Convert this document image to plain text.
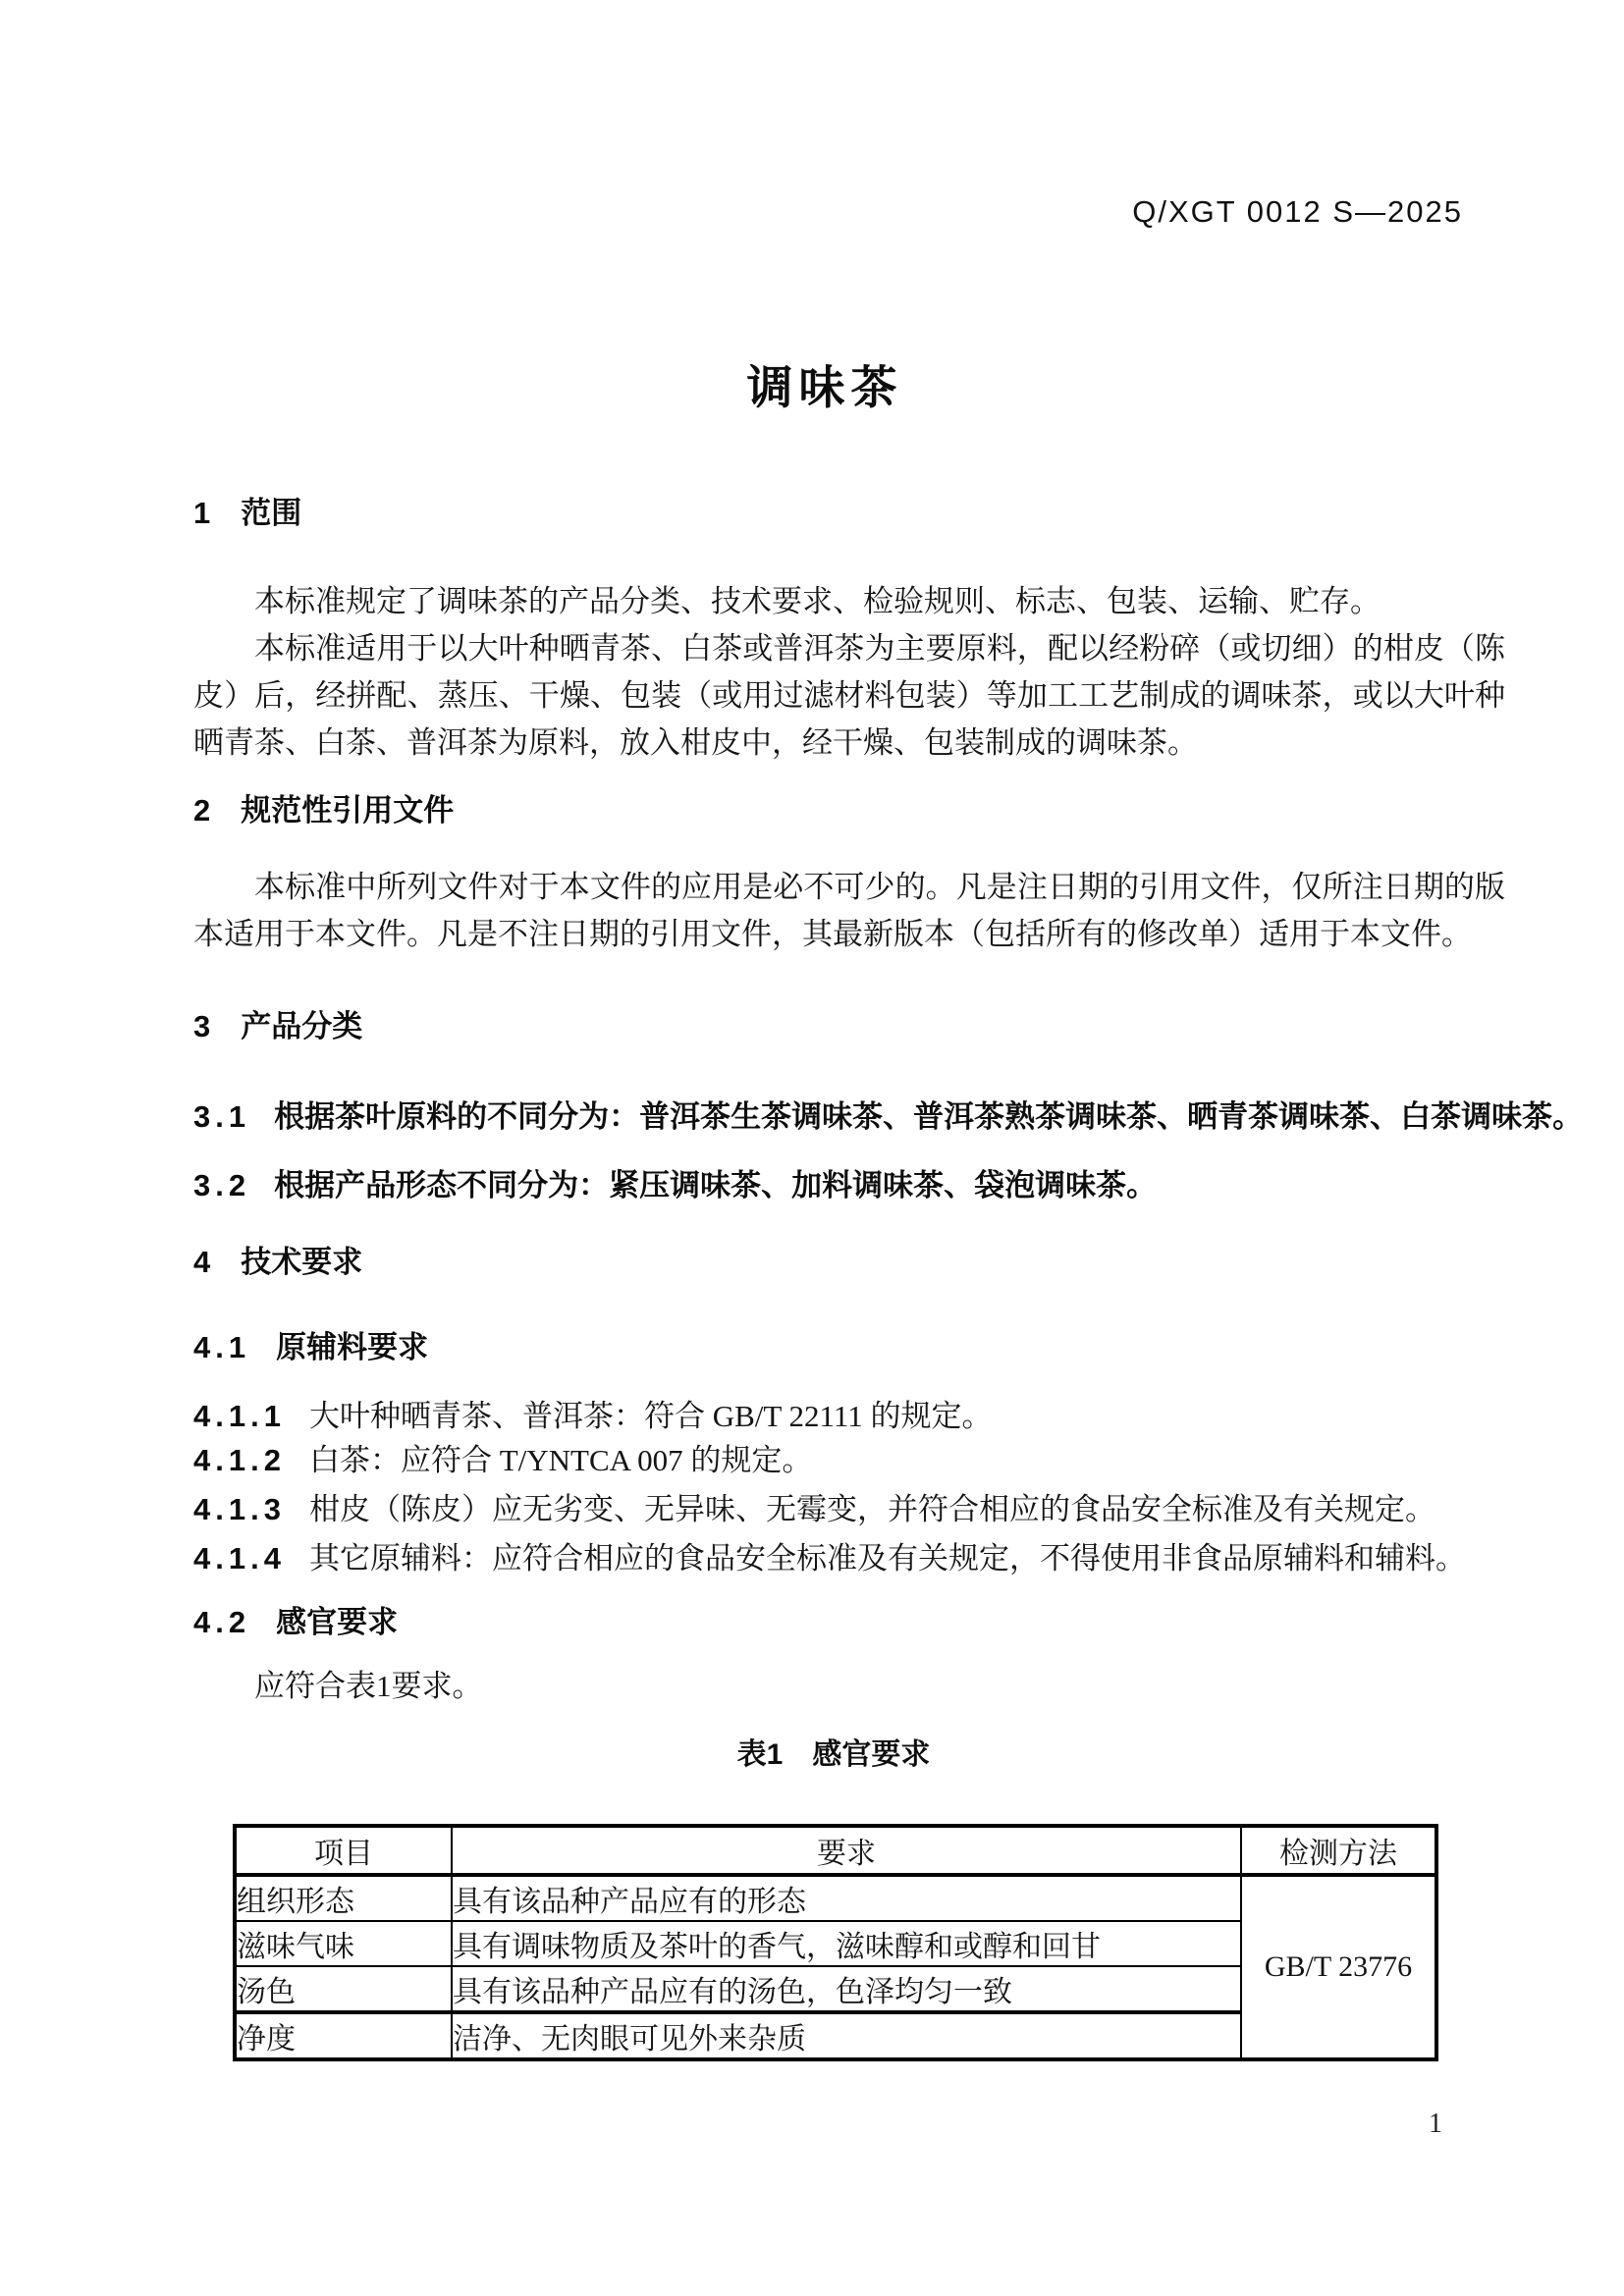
Q/XGT 0012 S—2025
调味茶
1 范围

本标准规定了调味茶的产品分类、技术要求、检验规则、标志、包装、运输、贮存。

本标准适用于以大叶种晒青茶、白茶或普洱茶为主要原料，配以经粉碎（或切细）的柑皮（陈皮）后，经拼配、蒸压、干燥、包装（或用过滤材料包装）等加工工艺制成的调味茶，或以大叶种晒青茶、白茶、普洱茶为原料，放入柑皮中，经干燥、包装制成的调味茶。

2 规范性引用文件

本标准中所列文件对于本文件的应用是必不可少的。凡是注日期的引用文件，仅所注日期的版本适用于本文件。凡是不注日期的引用文件，其最新版本（包括所有的修改单）适用于本文件。

3 产品分类
3.1 根据茶叶原料的不同分为：普洱茶生茶调味茶、普洱茶熟茶调味茶、晒青茶调味茶、白茶调味茶。
3.2 根据产品形态不同分为：紧压调味茶、加料调味茶、袋泡调味茶。
4 技术要求
4.1 原辅料要求
4.1.1 大叶种晒青茶、普洱茶：符合 GB/T 22111 的规定。
4.1.2 白茶：应符合 T/YNTCA 007 的规定。
4.1.3 柑皮（陈皮）应无劣变、无异味、无霉变，并符合相应的食品安全标准及有关规定。
4.1.4 其它原辅料：应符合相应的食品安全标准及有关规定，不得使用非食品原辅料和辅料。
4.2 感官要求

应符合表1要求。

表1　感官要求
项目	要求	检测方法
组织形态	具有该品种产品应有的形态	GB/T 23776
滋味气味	具有调味物质及茶叶的香气，滋味醇和或醇和回甘	
汤色	具有该品种产品应有的汤色，色泽均匀一致	
净度	洁净、无肉眼可见外来杂质	
1
